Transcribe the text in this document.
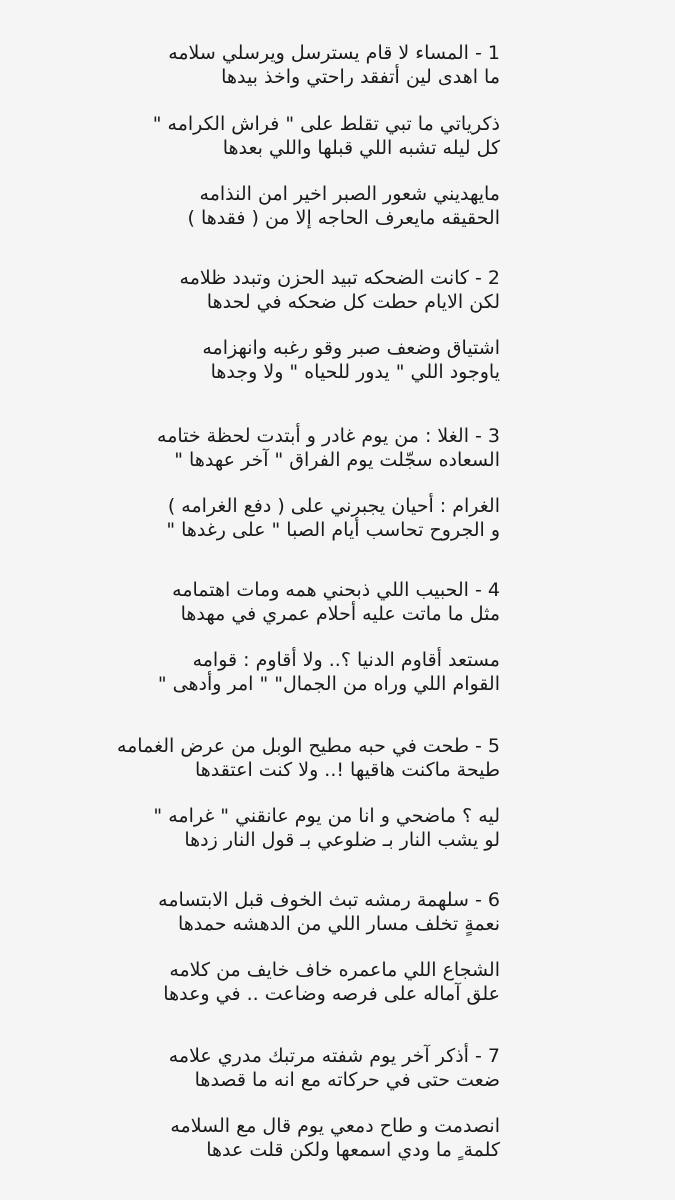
1 - المساء لا قام يسترسل ويرسلي سلامه
ما اهدى لين أتفقد راحتي واخذ بيدها
ذكرياتي ما تبي تقلط على " فراش الكرامه "
كل ليله تشبه اللي قبلها واللي بعدها
مايهديني شعور الصبر اخير امن النذامه
الحقيقه مايعرف الحاجه إلا من ( فقدها )
2 - كانت الضحكه تبيد الحزن وتبدد ظلامه
لكن الايام حطت كل ضحكه في لحدها
اشتياق وضعف صبر وقو رغبه وانهزامه
ياوجود اللي " يدور للحياه " ولا وجدها
3 - الغلا : من يوم غادر و أبتدت لحظة ختامه
السعاده سجّلت يوم الفراق " آخر عهدها "
الغرام : أحيان يجبرني على ( دفع الغرامه )
و الجروح تحاسب أيام الصبا " على رغدها "
4 - الحبيب اللي ذبحني همه ومات اهتمامه
مثل ما ماتت عليه أحلام عمري في مهدها
مستعد أقاوم الدنيا ؟.. ولا أقاوم : قوامه
القوام اللي وراه من الجمال" " امر وأدهى "
5 - طحت في حبه مطيح الوبل من عرض الغمامه
طيحة ماكنت هاقيها !.. ولا كنت اعتقدها
ليه ؟ ماضحي و انا من يوم عانقني " غرامه "
لو يشب النار بـ ضلوعي بـ قول النار زدها
6 - سلهمة رمشه تبث الخوف قبل الابتسامه
نعمةٍ تخلف مسار اللي من الدهشه حمدها
الشجاع اللي ماعمره خاف خايف من كلامه
علق آماله على فرصه وضاعت .. في وعدها
7 - أذكر آخر يوم شفته مرتبك مدري علامه
ضعت حتى في حركاته مع انه ما قصدها
انصدمت و طاح دمعي يوم قال مع السلامه
كلمة ٍ ما ودي اسمعها ولكن قلت عدها
